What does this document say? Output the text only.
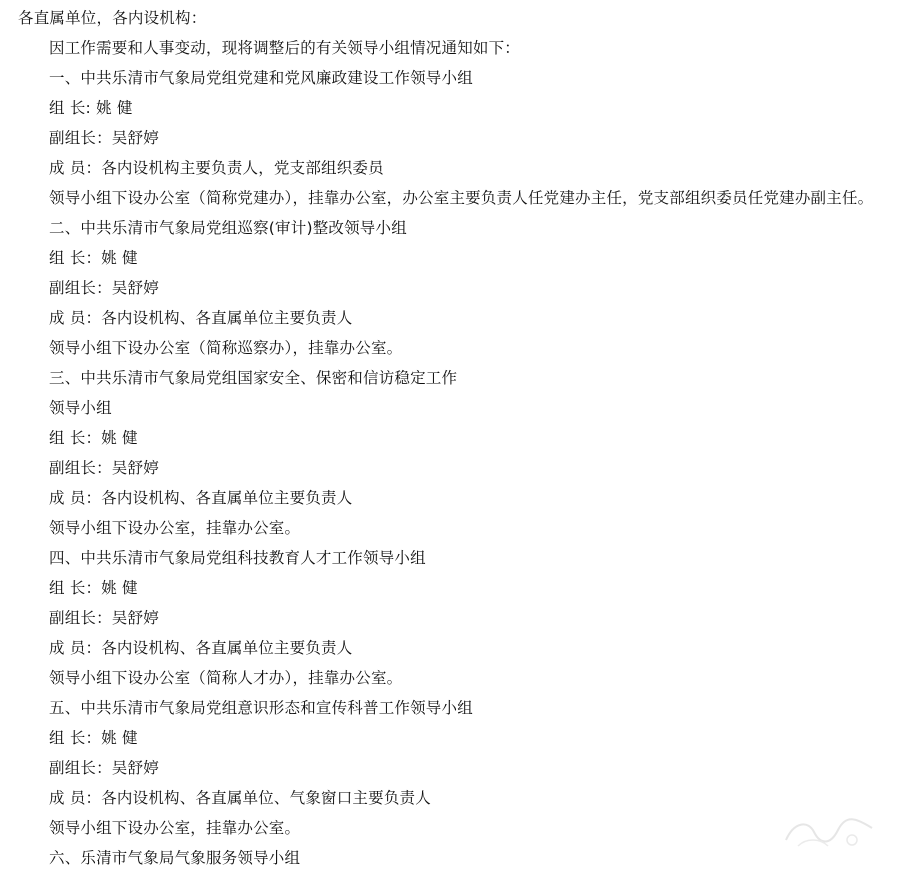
各直属单位，各内设机构：
因工作需要和人事变动，现将调整后的有关领导小组情况通知如下：
一、中共乐清市气象局党组党建和党风廉政建设工作领导小组
组 长: 姚 健
副组长：吴舒婷
成 员：各内设机构主要负责人，党支部组织委员
领导小组下设办公室（简称党建办），挂靠办公室，办公室主要负责人任党建办主任，党支部组织委员任党建办副主任。
二、中共乐清市气象局党组巡察(审计)整改领导小组
组 长：姚 健
副组长：吴舒婷
成 员：各内设机构、各直属单位主要负责人
领导小组下设办公室（简称巡察办），挂靠办公室。
三、中共乐清市气象局党组国家安全、保密和信访稳定工作
领导小组
组 长：姚 健
副组长：吴舒婷
成 员：各内设机构、各直属单位主要负责人
领导小组下设办公室，挂靠办公室。
四、中共乐清市气象局党组科技教育人才工作领导小组
组 长：姚 健
副组长：吴舒婷
成 员：各内设机构、各直属单位主要负责人
领导小组下设办公室（简称人才办），挂靠办公室。
五、中共乐清市气象局党组意识形态和宣传科普工作领导小组
组 长：姚 健
副组长：吴舒婷
成 员：各内设机构、各直属单位、气象窗口主要负责人
领导小组下设办公室，挂靠办公室。
六、乐清市气象局气象服务领导小组
